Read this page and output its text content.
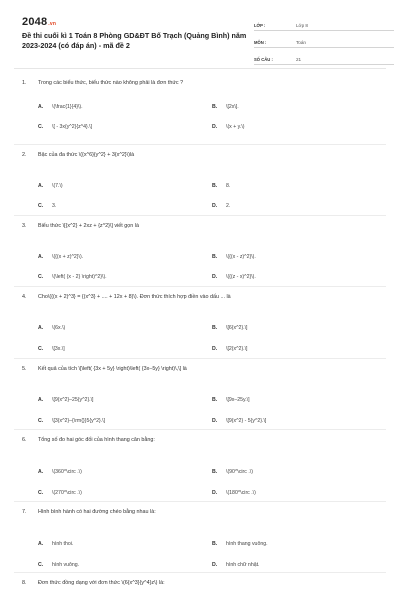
2048.vn
Đề thi cuối kì 1 Toán 8 Phòng GD&ĐT Bố Trạch (Quảng Bình) năm 2023-2024 (có đáp án) - mã đề 2
LỚP :	Lớp 8
MÔN :	Toán
SỐ CÂU :	21
1.	Trong các biểu thức, biểu thức nào không phải là đơn thức ?
A.	\(\frac{1}{4}\).	B.	\[2x\].
C.	\[ - 3x{y^2}{z^4}.\]	D.	\(x + y.\)
2.	Bậc của đa thức \({x^6}{y^2} + 3{x^2}\)là
A.	\(7.\)	B.	8.
C.	3.	D.	2.
3.	Biểu thức \[{x^2} + 2xz + {z^2}\] viết gọn là
A.	\({(x + z)^2}\).	B.	\({(x - z)^2}\).
C.	\(\left( {x - 2} \right)^2}\).	D.	\({(z - x)^2}\).
4.	Cho\({(x + 2)^3} = {(x^3} + .... + 12x + 8)\). Đơn thức thích hợp điền vào dấu ... là
A.	\(6x.\)	B.	\[6{x^2}.\]
C.	\[3x.\]	D.	\[2{x^2}.\]
5.	Kết quả của tích \[\left( {3x + 5y} \right)\left( {3x–5y} \right)\,\] là
A.	\[9{x^2}–25{y^2}.\]	B.	\[9x–25y.\]
C.	\[3{x^2}–{\rm{}}5{y^2}.\]	D.	\[9{x^2} - 5{y^2}.\]
6.	Tổng số đo hai góc đối của hình thang cân bằng:
A.	\(360^\circ .\)	B.	\(90^\circ .\)
C.	\(270^\circ .\)	D.	\(180^\circ .\)
7.	Hình bình hành có hai đường chéo bằng nhau là:
A.	hình thoi.	B.	hình thang vuông.
C.	hình vuông.	D.	hình chữ nhật.
8.	Đơn thức đồng dạng với đơn thức \(6{x^3}{y^4}z\) là:
